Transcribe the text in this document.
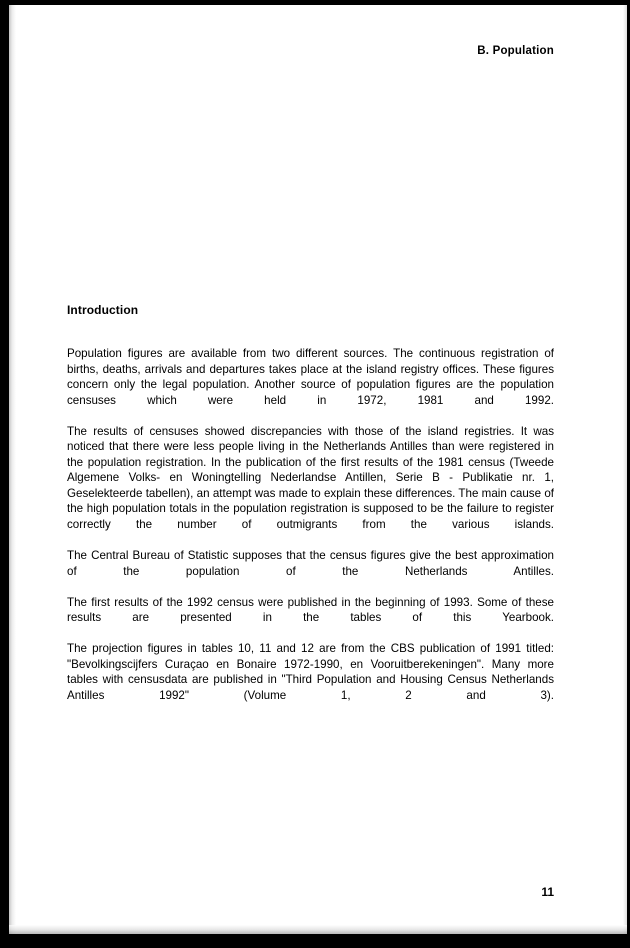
B. Population
Introduction

Population figures are available from two different sources. The continuous registration of births, deaths, arrivals and departures takes place at the island registry offices. These figures concern only the legal population. Another source of population figures are the population censuses which were held in 1972, 1981 and 1992.

The results of censuses showed discrepancies with those of the island registries. It was noticed that there were less people living in the Netherlands Antilles than were registered in the population registration. In the publication of the first results of the 1981 census (Tweede Algemene Volks- en Woningtelling Nederlandse Antillen, Serie B - Publikatie nr. 1, Geselekteerde tabellen), an attempt was made to explain these differences. The main cause of the high population totals in the population registration is supposed to be the failure to register correctly the number of outmigrants from the various islands.

The Central Bureau of Statistic supposes that the census figures give the best approximation of the population of the Netherlands Antilles.

The first results of the 1992 census were published in the beginning of 1993. Some of these results are presented in the tables of this Yearbook.

The projection figures in tables 10, 11 and 12 are from the CBS publication of 1991 titled: "Bevolkingscijfers Curaçao en Bonaire 1972-1990, en Vooruitberekeningen". Many more tables with censusdata are published in "Third Population and Housing Census Netherlands Antilles 1992" (Volume 1, 2 and 3).

11
